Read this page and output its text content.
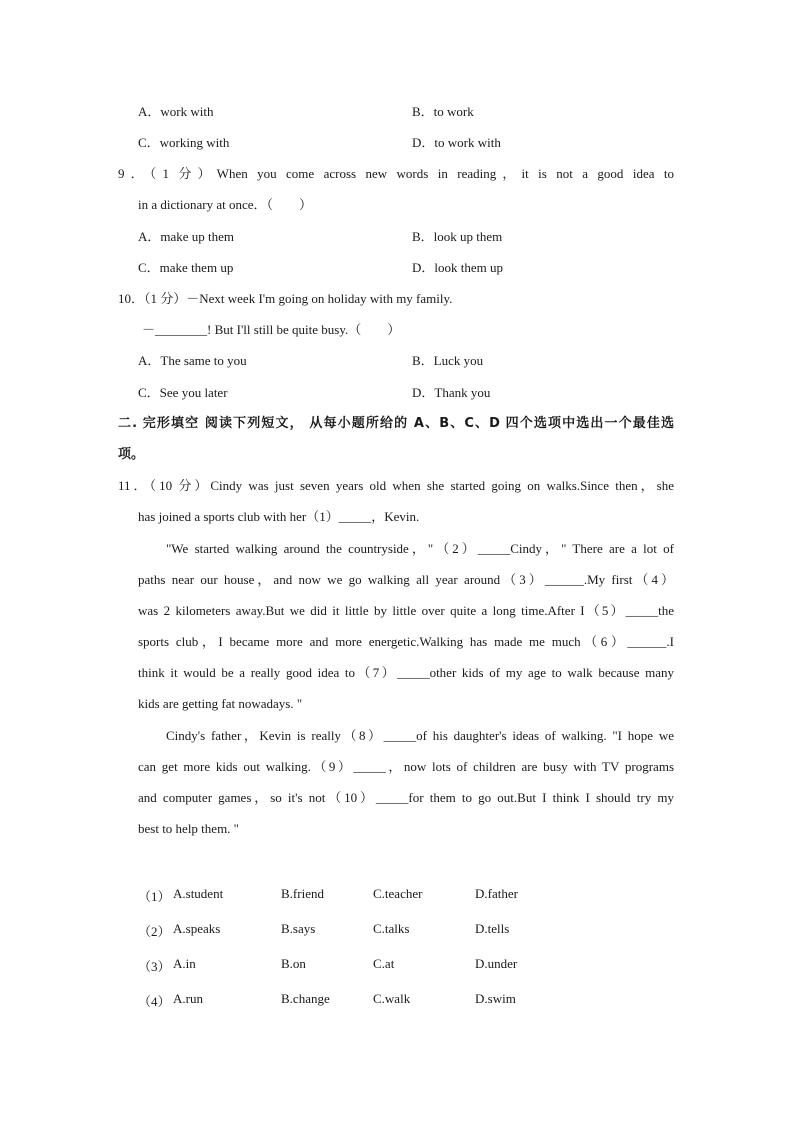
A．work with	B．to work
C．working with	D．to work with
9．（1 分）When you come across new words in reading，it is not a good idea to
in a dictionary at once．（　　）
A．make up them	B．look up them
C．make them up	D．look them up
10．（1 分）－Next week I'm going on holiday with my family.
－________! But I'll still be quite busy.（　　）
A．The same to you	B．Luck you
C．See you later	D．Thank you
二. 完形填空 阅读下列短文， 从每小题所给的 A、B、C、D 四个选项中选出一个最佳选
项。
11．（10 分）Cindy was just seven years old when she started going on walks.Since then，she
has joined a sports club with her（1）_____，Kevin.
"We started walking around the countryside，"（2）_____Cindy，" There are a lot of
paths near our house，and now we go walking all year around（3）______.My first（4）
was 2 kilometers away.But we did it little by little over quite a long time.After I（5）_____the
sports club，I became more and more energetic.Walking has made me much（6）______.I
think it would be a really good idea to（7）_____other kids of my age to walk because many
kids are getting fat nowadays. "
Cindy's father，Kevin is really（8）_____of his daughter's ideas of walking. "I hope we
can get more kids out walking.（9）_____，now lots of children are busy with TV programs
and computer games，so it's not（10）_____for them to go out.But I think I should try my
best to help them. "
（1） A.student	B.friend	C.teacher	D.father
（2） A.speaks	B.says	C.talks	D.tells
（3） A.in	B.on	C.at	D.under
（4） A.run	B.change	C.walk	D.swim
